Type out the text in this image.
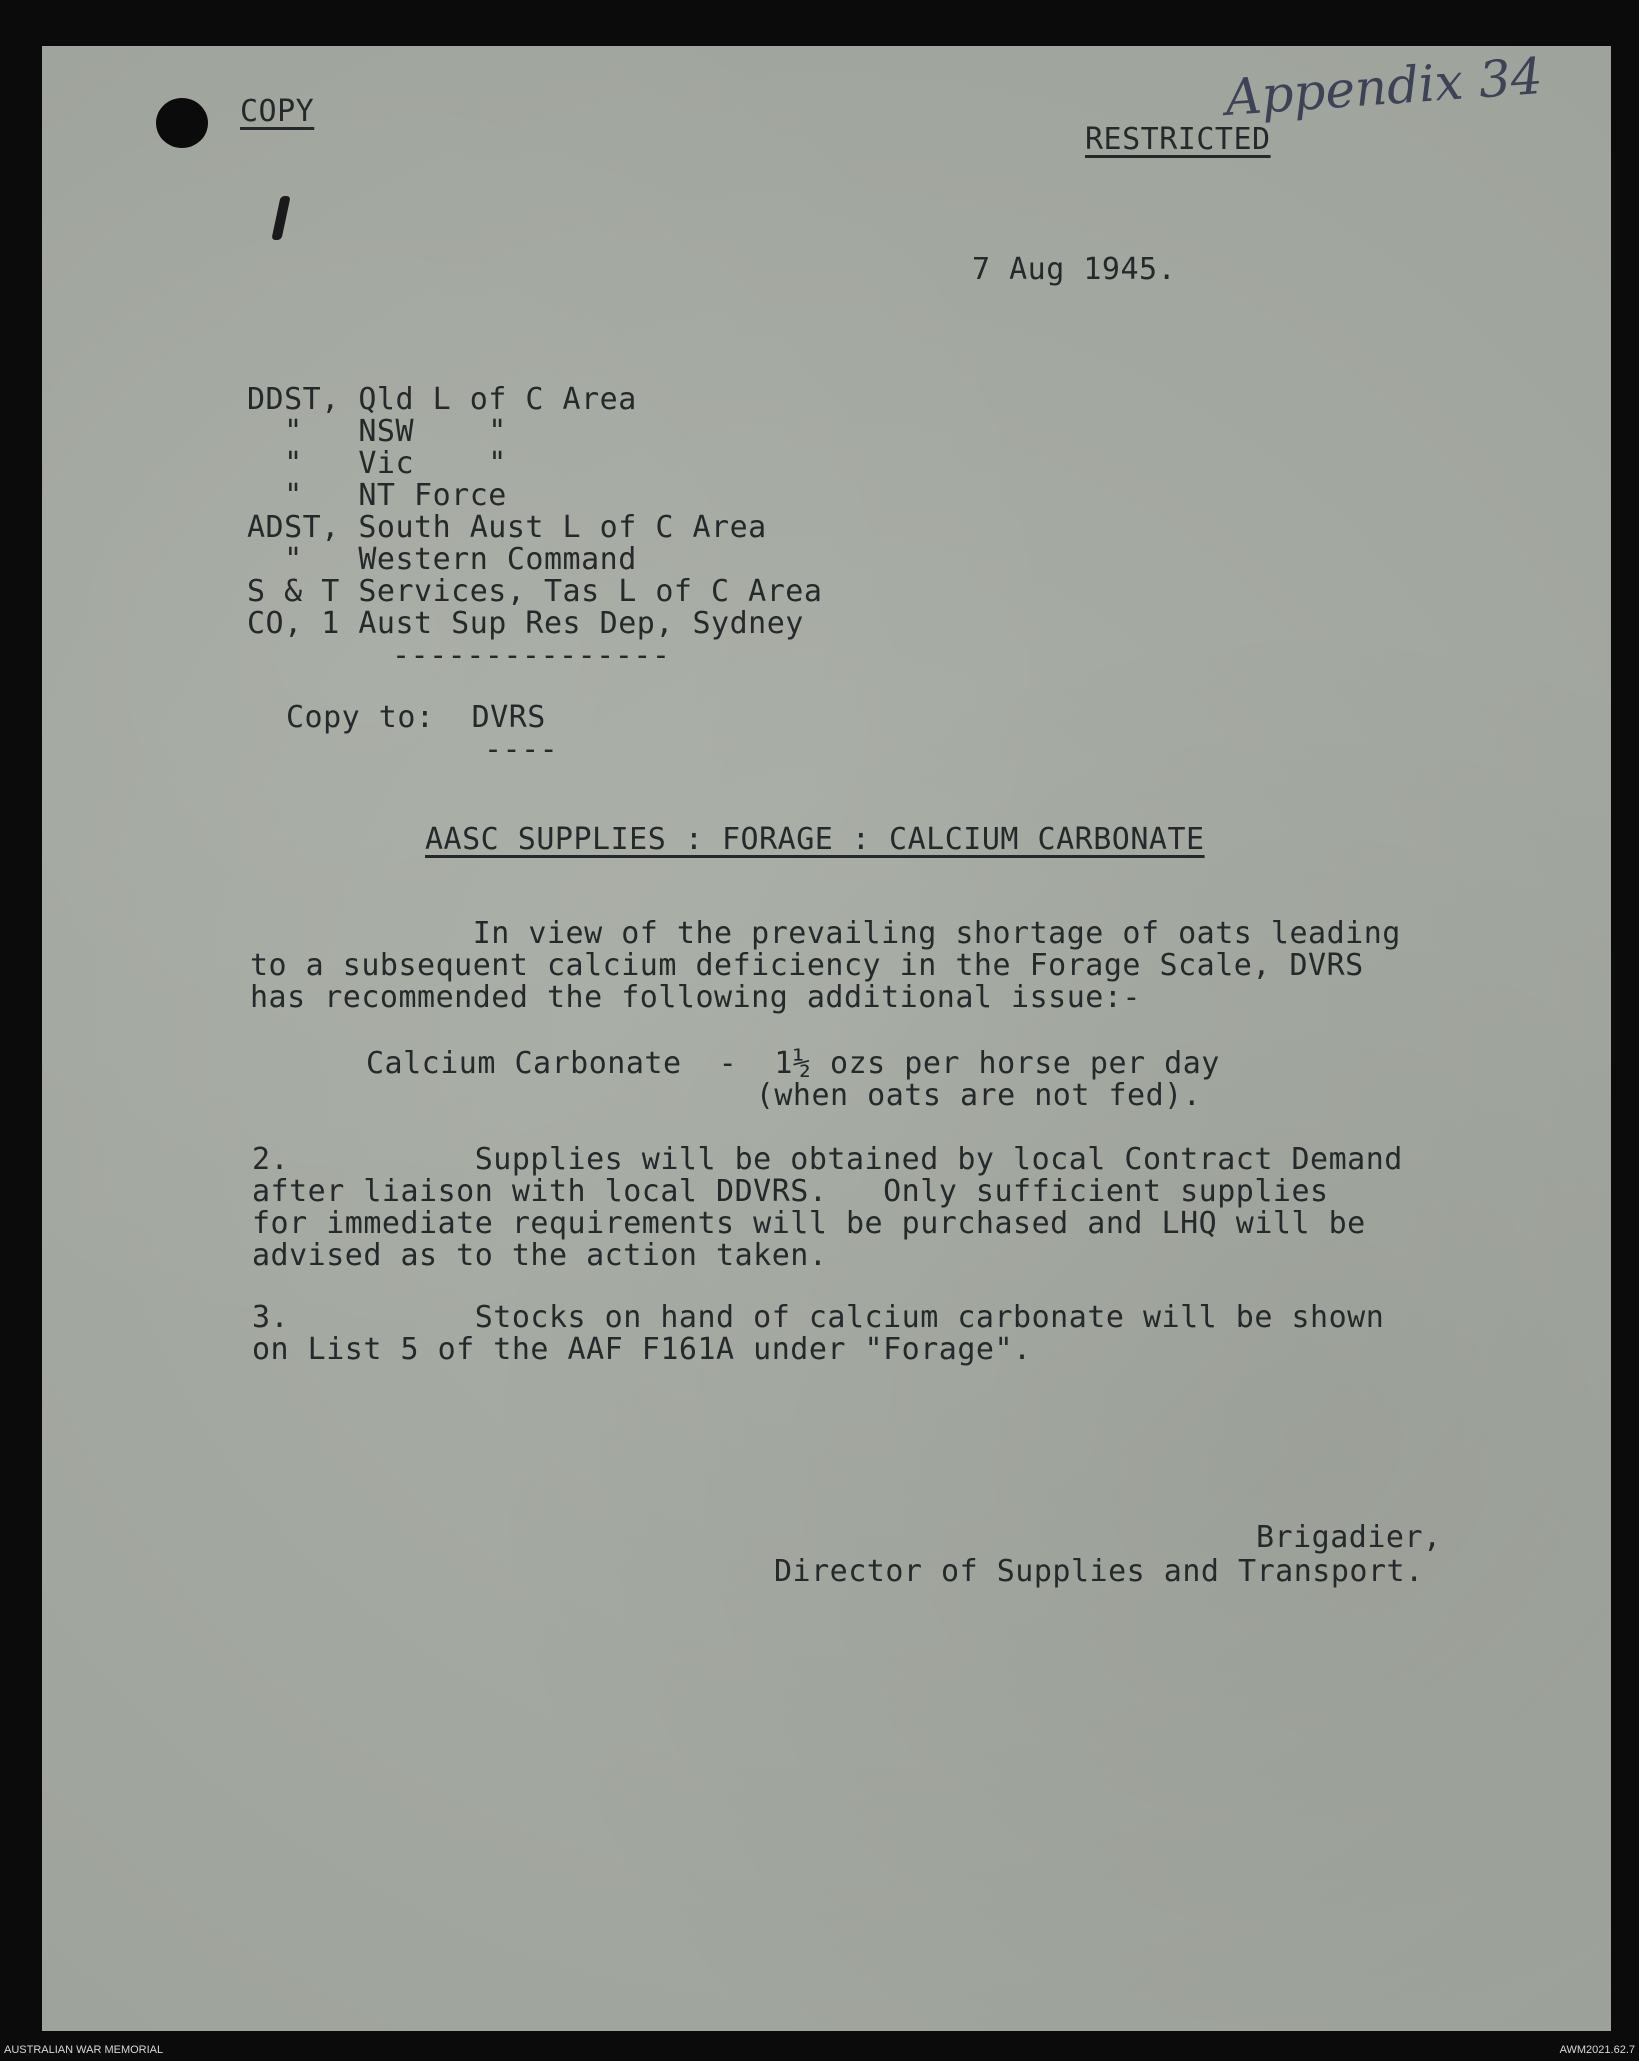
COPY	Appendix 34
RESTRICTED
7 Aug 1945.
DDST, Qld L of C Area
"   NSW    "
"   Vic    "
"   NT Force
ADST, South Aust L of C Area
"   Western Command
S & T Services, Tas L of C Area
CO, 1 Aust Sup Res Dep, Sydney
---------------
Copy to:  DVRS
----
AASC SUPPLIES : FORAGE : CALCIUM CARBONATE
In view of the prevailing shortage of oats leading
to a subsequent calcium deficiency in the Forage Scale, DVRS
has recommended the following additional issue:-
Calcium Carbonate  -  1½ ozs per horse per day
(when oats are not fed).
2.          Supplies will be obtained by local Contract Demand
after liaison with local DDVRS.   Only sufficient supplies
for immediate requirements will be purchased and LHQ will be
advised as to the action taken.
3.          Stocks on hand of calcium carbonate will be shown
on List 5 of the AAF F161A under "Forage".
Brigadier,
Director of Supplies and Transport.
AUSTRALIAN WAR MEMORIAL	AWM2021.62.7
